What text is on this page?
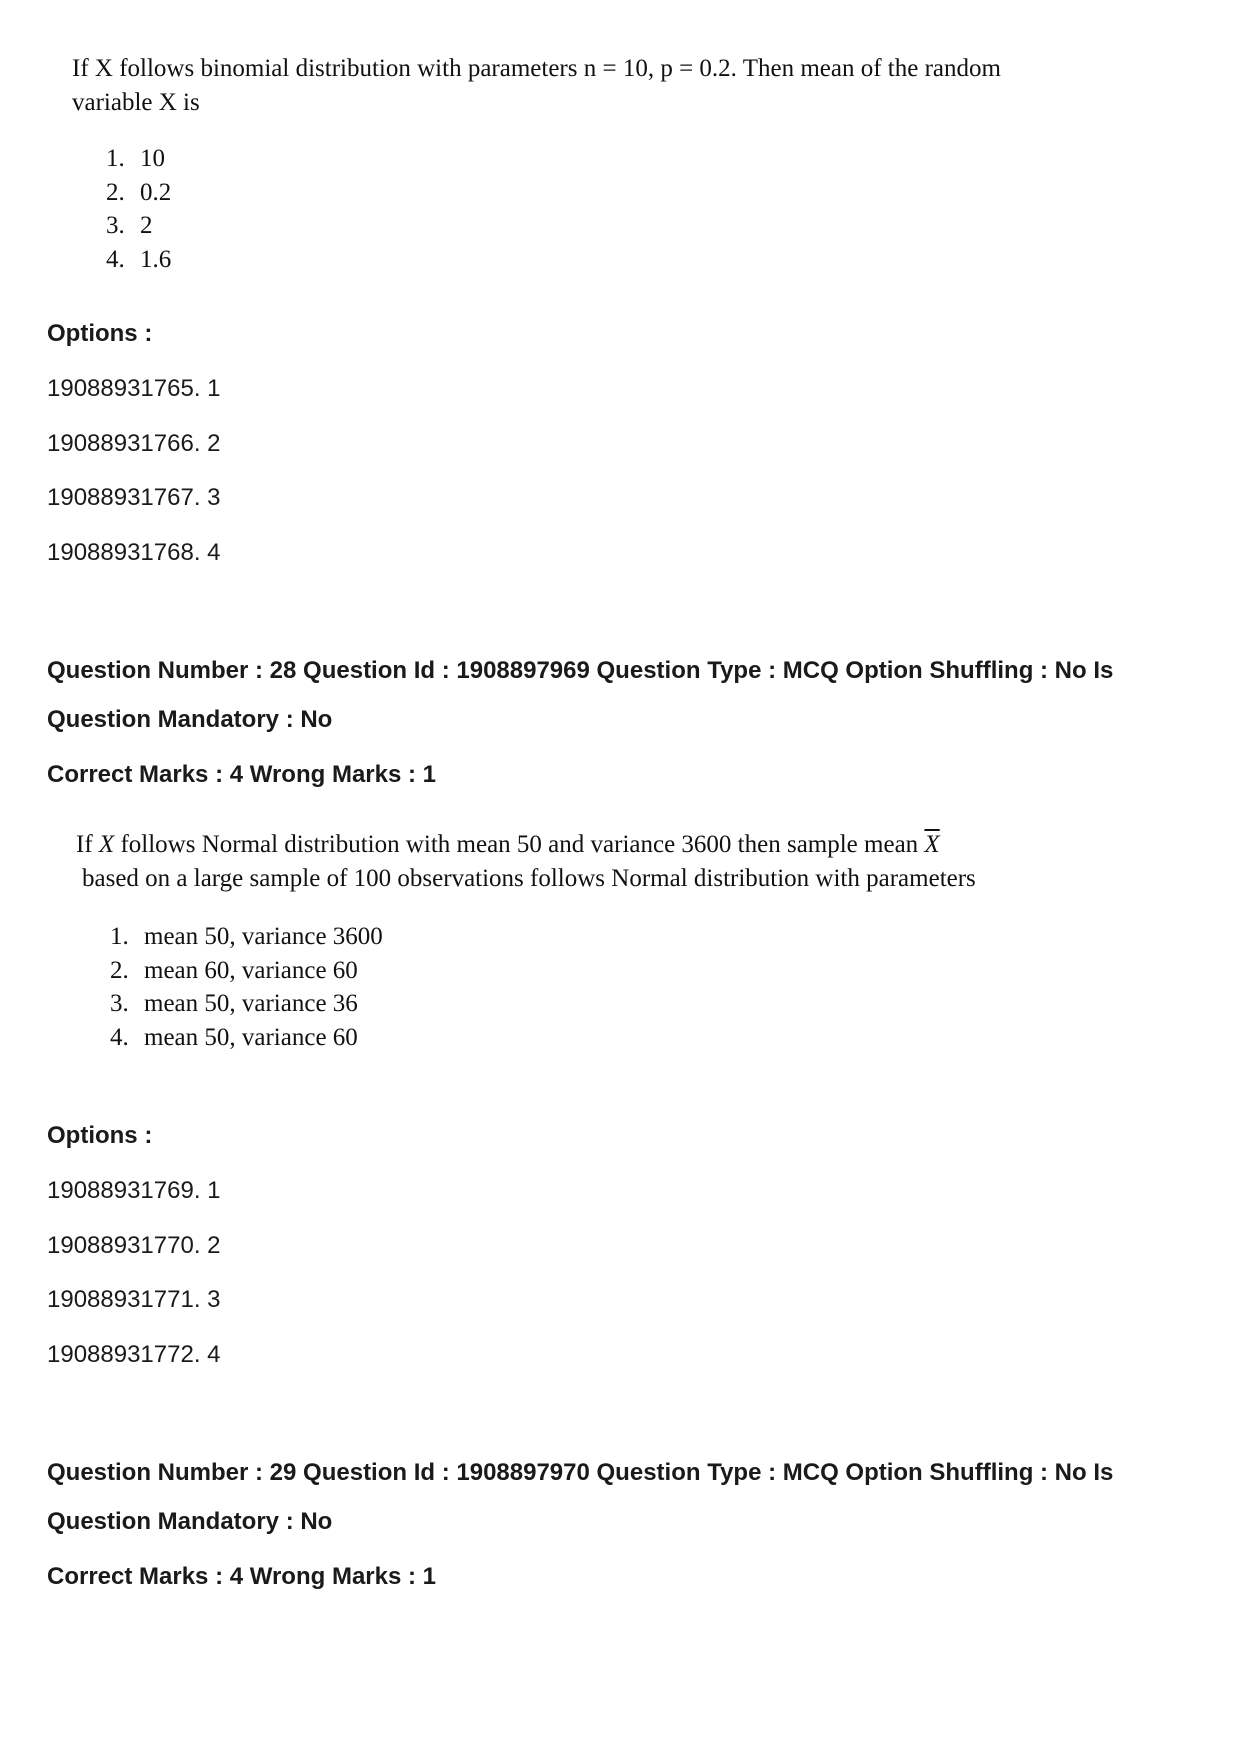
If X follows binomial distribution with parameters n = 10, p = 0.2. Then mean of the random

variable X is

1. 10
2. 0.2
3. 2
4. 1.6
Options :
19088931765. 1
19088931766. 2
19088931767. 3
19088931768. 4
Question Number : 28 Question Id : 1908897969 Question Type : MCQ Option Shuffling : No Is
Question Mandatory : No
Correct Marks : 4 Wrong Marks : 1

If X follows Normal distribution with mean 50 and variance 3600 then sample mean $\overline{X}$

based on a large sample of 100 observations follows Normal distribution with parameters

1. mean 50, variance 3600
2. mean 60, variance 60
3. mean 50, variance 36
4. mean 50, variance 60
Options :
19088931769. 1
19088931770. 2
19088931771. 3
19088931772. 4
Question Number : 29 Question Id : 1908897970 Question Type : MCQ Option Shuffling : No Is
Question Mandatory : No
Correct Marks : 4 Wrong Marks : 1
